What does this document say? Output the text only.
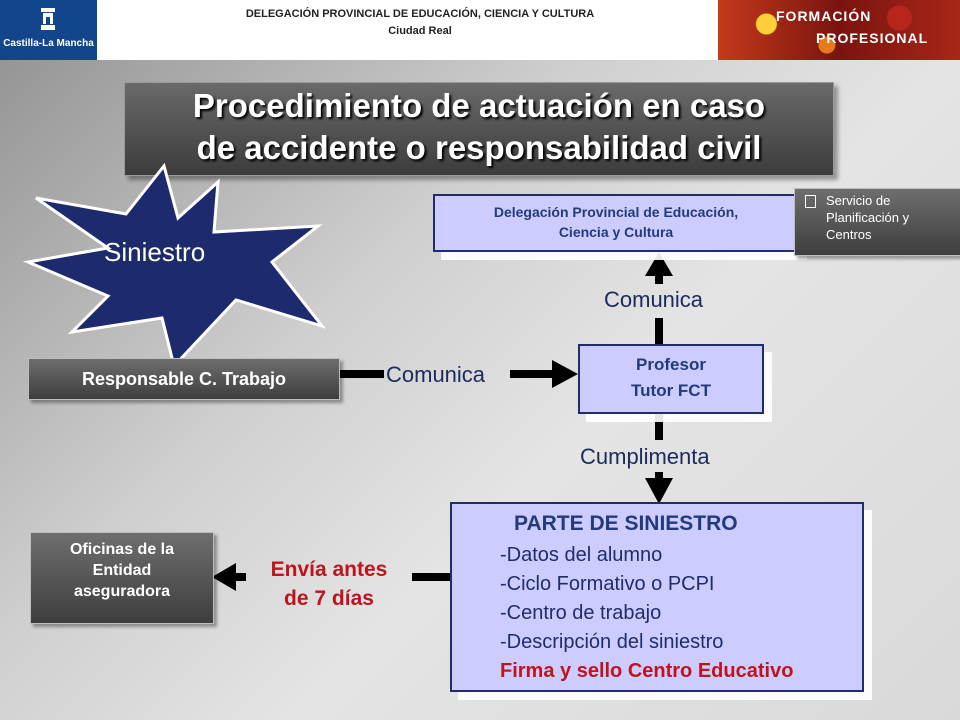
Castilla-La Mancha
DELEGACIÓN PROVINCIAL DE EDUCACIÓN, CIENCIA Y CULTURA
Ciudad Real
FORMACIÓN
PROFESIONAL
Procedimiento de actuación en caso
de accidente o responsabilidad civil
Siniestro
Delegación Provincial de Educación,
Ciencia y Cultura
Servicio de
Planificación y
Centros
Responsable C. Trabajo
Profesor
Tutor FCT
Comunica
Comunica
Cumplimenta
PARTE DE SINIESTRO
-Datos del alumno
-Ciclo Formativo o PCPI
-Centro de trabajo
-Descripción del siniestro
Firma y sello Centro Educativo
Envía antes
de 7 días
Oficinas de la
Entidad
aseguradora
